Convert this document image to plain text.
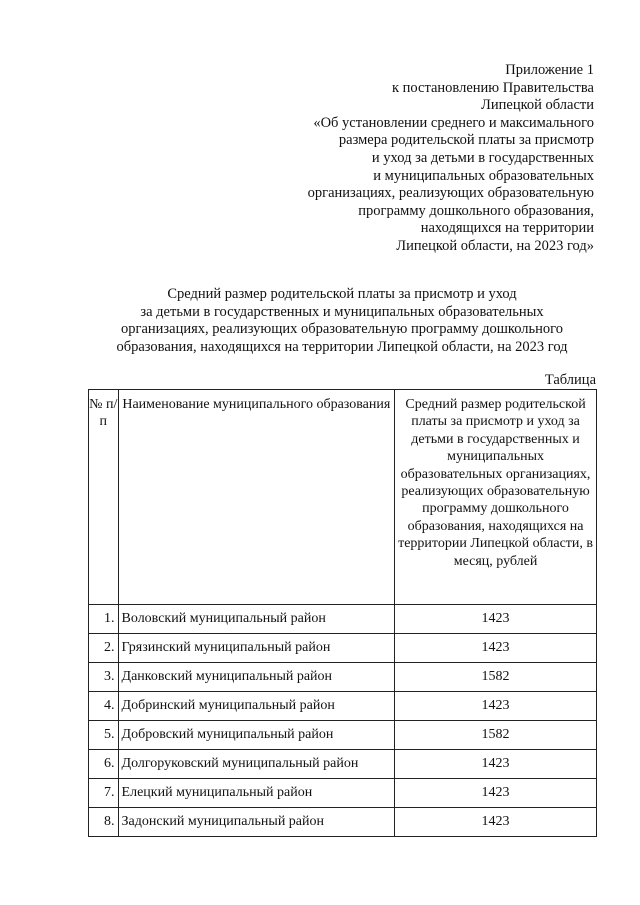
Приложение 1
к постановлению Правительства
Липецкой области
«Об установлении среднего и максимального
размера родительской платы за присмотр
и уход за детьми в государственных
и муниципальных образовательных
организациях, реализующих образовательную
программу дошкольного образования,
находящихся на территории
Липецкой области, на 2023 год»
Средний размер родительской платы за присмотр и уход
за детьми в государственных и муниципальных образовательных
организациях, реализующих образовательную программу дошкольного
образования, находящихся на территории Липецкой области, на 2023 год
Таблица
№ п/п	Наименование муниципального образования	Средний размер родительской платы за присмотр и уход за детьми в государственных и муниципальных образовательных организациях, реализующих образовательную программу дошкольного образования, находящихся на территории Липецкой области, в месяц, рублей
1.	Воловский муниципальный район	1423
2.	Грязинский муниципальный район	1423
3.	Данковский муниципальный район	1582
4.	Добринский муниципальный район	1423
5.	Добровский муниципальный район	1582
6.	Долгоруковский муниципальный район	1423
7.	Елецкий муниципальный район	1423
8.	Задонский муниципальный район	1423
